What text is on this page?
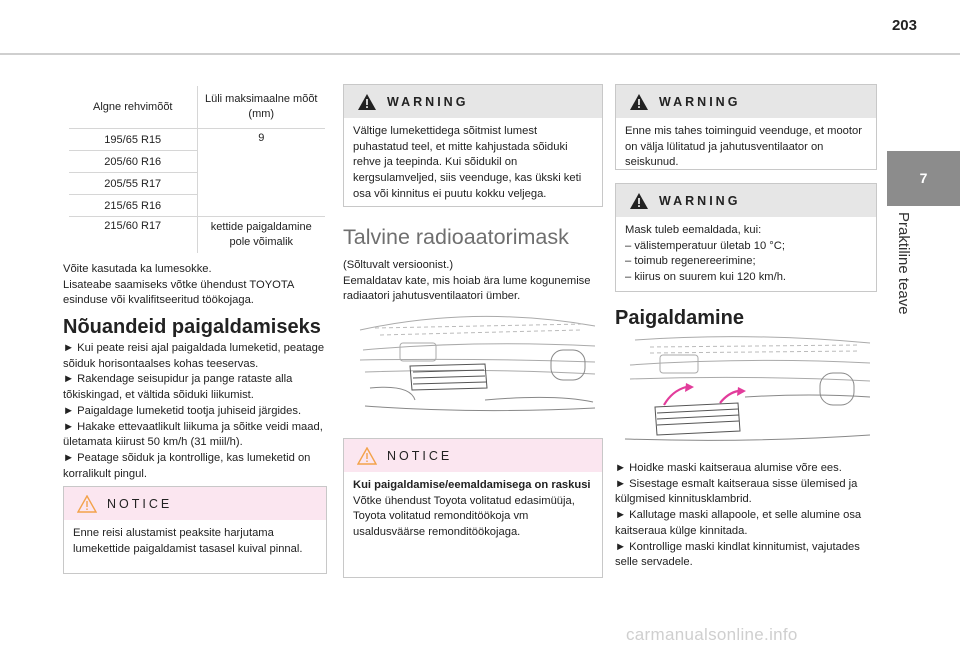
203
7
Praktiline teave
Algne rehvimõõt	Lüli maksimaalne mõõt (mm)
195/65 R15	9
205/60 R16	
205/55 R17	
215/65 R16	
215/60 R17	kettide paigaldamine pole võimalik

Võite kasutada ka lumesokke.
Lisateabe saamiseks võtke ühendust TOYOTA esinduse või kvalifitseeritud töökojaga.

Nõuandeid paigaldamiseks

► Kui peate reisi ajal paigaldada lumeketid, peatage sõiduk horisontaalses kohas teeservas.
► Rakendage seisupidur ja pange rataste alla tõkiskingad, et vältida sõiduki liikumist.
► Paigaldage lumeketid tootja juhiseid järgides.
► Hakake ettevaatlikult liikuma ja sõitke veidi maad, ületamata kiirust 50 km/h (31 miil/h).
► Peatage sõiduk ja kontrollige, kas lumeketid on korralikult pingul.

NOTICE
Enne reisi alustamist peaksite harjutama lumekettide paigaldamist tasasel kuival pinnal.
WARNING
Vältige lumekettidega sõitmist lumest puhastatud teel, et mitte kahjustada sõiduki rehve ja teepinda. Kui sõidukil on kergsulamveljed, siis veenduge, kas ükski keti osa või kinnitus ei puutu kokku veljega.
Talvine radioaatorimask

(Sõltuvalt versioonist.)
Eemaldatav kate, mis hoiab ära lume kogunemise radiaatori jahutusventilaatori ümber.

NOTICE
Kui paigaldamise/eemaldamisega on raskusi
Võtke ühendust Toyota volitatud edasimüüja, Toyota volitatud remonditöökoja vm usaldusväärse remonditöökojaga.
WARNING
Enne mis tahes toiminguid veenduge, et mootor on välja lülitatud ja jahutusventilaator on seiskunud.
WARNING
Mask tuleb eemaldada, kui:
– välistemperatuur ületab 10 °C;
– toimub regenereerimine;
– kiirus on suurem kui 120 km/h.
Paigaldamine

► Hoidke maski kaitseraua alumise võre ees.
► Sisestage esmalt kaitseraua sisse ülemised ja külgmised kinnitusklambrid.
► Kallutage maski allapoole, et selle alumine osa kaitseraua külge kinnitada.
► Kontrollige maski kindlat kinnitumist, vajutades selle servadele.

carmanualsonline.info
